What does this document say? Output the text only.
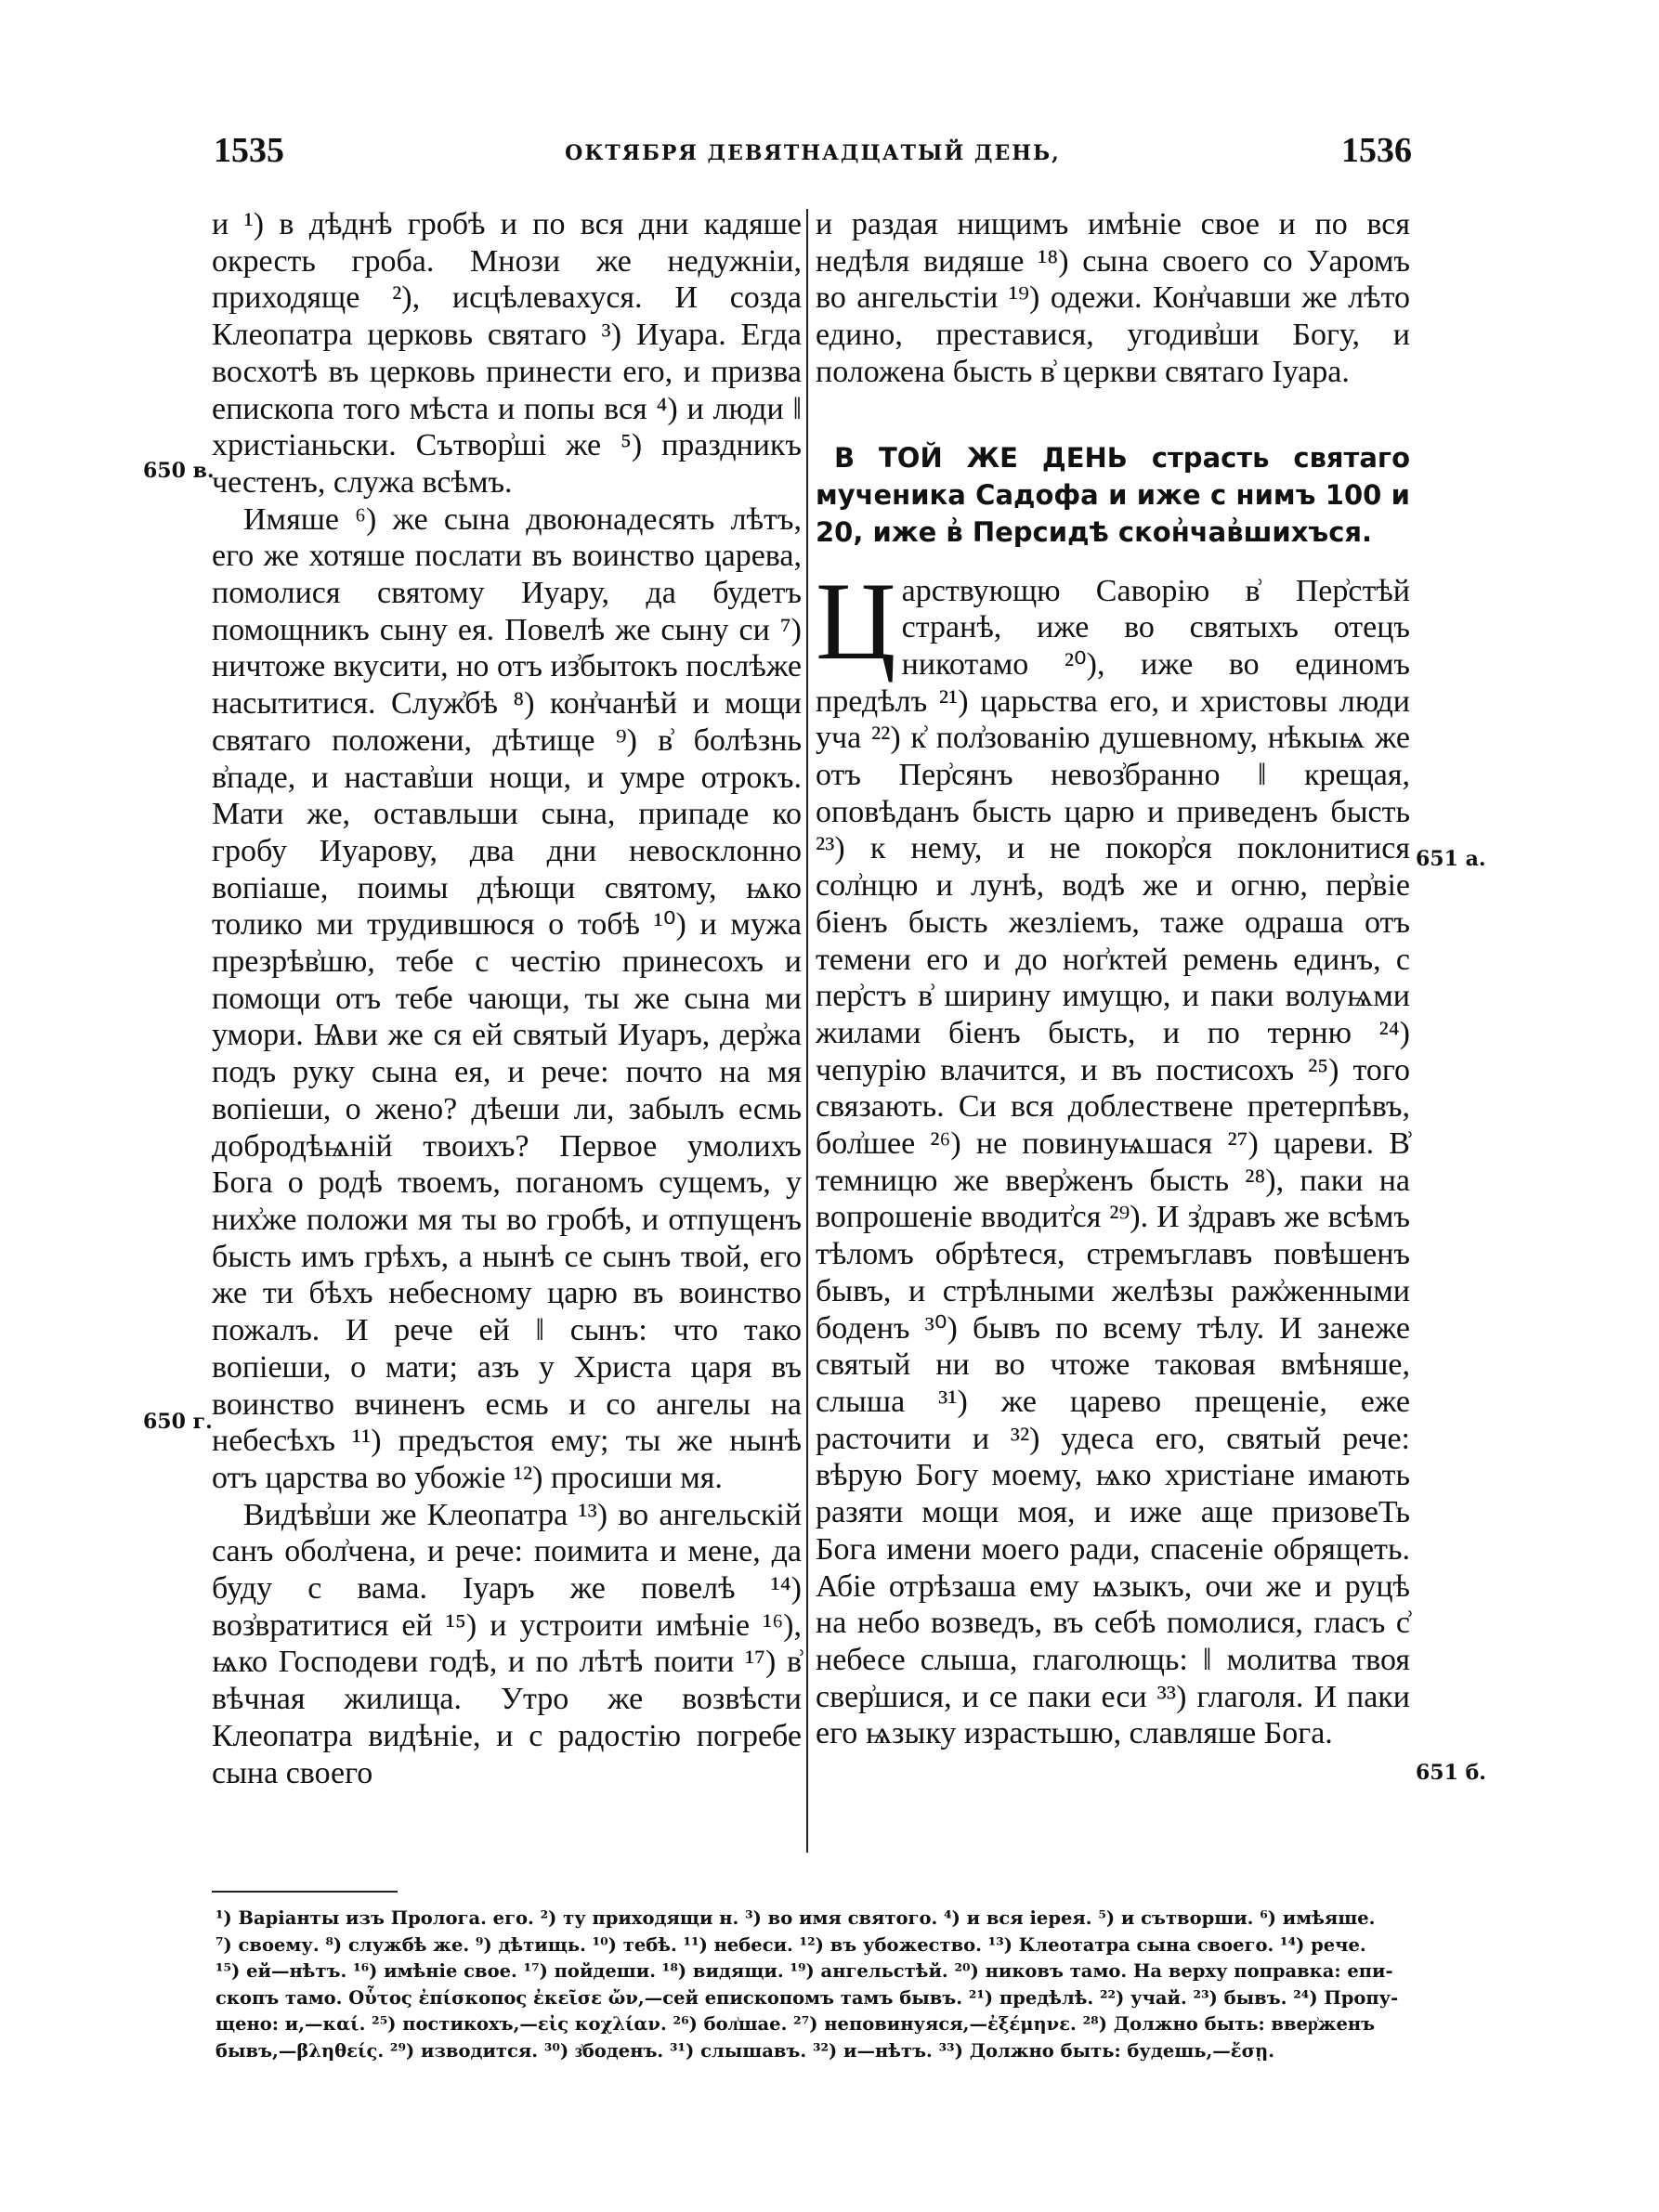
1535	ОКТЯБРЯ ДЕВЯТНАДЦАТЫЙ ДЕНЬ,	1536
650 в.
650 г.
651 а.
651 б.

и ¹) в дѣднѣ гробѣ и по вся дни кадяше окресть гроба. Мнози же недужніи, приходяще ²), исцѣлевахуся. И созда Клеопатра церковь святаго ³) Иуара. Егда восхотѣ въ церковь принести его, и призва епископа того мѣста и попы вся ⁴) и люди ‖ христіаньски. Сътвор͗ші же ⁵) праздникъ честенъ, служа всѣмъ.

Имяше ⁶) же сына двоюнадесять лѣтъ, его же хотяше послати въ воинство царева, помолися святому Иуару, да будетъ помощникъ сыну ея. Повелѣ же сыну си ⁷) ничтоже вкусити, но отъ из͗бытокъ послѣже насытитися. Служ͗бѣ ⁸) кон͗чанѣй и мощи святаго положени, дѣтище ⁹) в͗ болѣзнь в͗паде, и настав͗ши нощи, и умре отрокъ. Мати же, оставльши сына, припаде ко гробу Иуарову, два дни невосклонно вопіаше, поимы дѣющи святому, ѩко толико ми трудившюся о тобѣ ¹⁰) и мужа презрѣв͗шю, тебе с честію принесохъ и помощи отъ тебе чающи, ты же сына ми умори. Ѩви же ся ей святый Иуаръ, дер͗жа подъ руку сына ея, и рече: почто на мя вопіеши, о жено? дѣеши ли, забылъ есмь добродѣѩній твоихъ? Первое умолихъ Бога о родѣ твоемъ, поганомъ сущемъ, у них͗же положи мя ты во гробѣ, и отпущенъ бысть имъ грѣхъ, а нынѣ се сынъ твой, его же ти бѣхъ небесному царю въ воинство пожалъ. И рече ей ‖ сынъ: что тако вопіеши, о мати; азъ у Христа царя въ воинство вчиненъ есмь и со ангелы на небесѣхъ ¹¹) предъстоя ему; ты же нынѣ отъ царства во убожіе ¹²) просиши мя.

Видѣв͗ши же Клеопатра ¹³) во ангельскій санъ обол͗чена, и рече: поимита и мене, да буду с вама. Іуаръ же повелѣ ¹⁴) воз͗вратитися ей ¹⁵) и устроити имѣніе ¹⁶), ѩко Господеви годѣ, и по лѣтѣ поити ¹⁷) в͗ вѣчная жилища. Утро же возвѣсти Клеопатра видѣніе, и с радостію погребе сына своего

и раздая нищимъ имѣніе свое и по вся недѣля видяше ¹⁸) сына своего со Уаромъ во ангельстіи ¹⁹) одежи. Кон͗чавши же лѣто едино, преставися, угодив͗ши Богу, и положена бысть в͗ церкви святаго Іуара.

В ТОЙ ЖЕ ДЕНЬ страсть святаго мученика Садофа и иже с нимъ 100 и 20, иже в͗ Персидѣ скон͗чав͗шихъся.

Царствующю Саворію в͗ Пер͗стѣй странѣ, иже во святыхъ отецъ никотамо ²⁰), иже во единомъ предѣлъ ²¹) царьства его, и христовы люди уча ²²) к͗ пол͗зованію душевному, нѣкыѩ же отъ Пер͗сянъ невоз͗бранно ‖ крещая, оповѣданъ бысть царю и приведенъ бысть ²³) к нему, и не покор͗ся поклонитися сол͗нцю и лунѣ, водѣ же и огню, пер͗віе біенъ бысть жезліемъ, таже одраша отъ темени его и до ног͗ктей ремень единъ, с пер͗стъ в͗ ширину имущю, и паки волуѩми жилами біенъ бысть, и по терню ²⁴) чепурію влачится, и въ постисохъ ²⁵) того связають. Си вся доблествене претерпѣвъ, бол͗шее ²⁶) не повинуѩшася ²⁷) цареви. В͗ темницю же ввер͗женъ бысть ²⁸), паки на вопрошеніе вводит͗ся ²⁹). И з͗дравъ же всѣмъ тѣломъ обрѣтеся, стремъглавъ повѣшенъ бывъ, и стрѣлными желѣзы раж͗женными боденъ ³⁰) бывъ по всему тѣлу. И занеже святый ни во чтоже таковая вмѣняше, слыша ³¹) же царево прещеніе, еже расточити и ³²) удеса его, святый рече: вѣрую Богу моему, ѩко христіане имають разяти мощи моя, и иже аще призовеТь Бога имени моего ради, спасеніе обрящеть. Абіе отрѣзаша ему ѩзыкъ, очи же и руцѣ на небо возведъ, въ себѣ помолися, гласъ с͗ небесе слыша, глаголющь: ‖ молитва твоя свер͗шися, и се паки еси ³³) глаголя. И паки его ѩзыку израстьшю, славляше Бога.

¹) Варіанты изъ Пролога. его. ²) ту приходящи н. ³) во имя святого. ⁴) и вся іерея. ⁵) и сътворши. ⁶) имѣяше.

⁷) своему. ⁸) службѣ же. ⁹) дѣтищь. ¹⁰) тебѣ. ¹¹) небеси. ¹²) въ убожество. ¹³) Клеотатра сына своего. ¹⁴) рече.

¹⁵) ей—нѣтъ. ¹⁶) имѣніе свое. ¹⁷) пойдеши. ¹⁸) видящи. ¹⁹) ангельстѣй. ²⁰) никовъ тамо. На верху поправка: епи-

скопъ тамо. Οὗτος ἐπίσκοπος ἐκεῖσε ὤν,—сей епископомъ тамъ бывъ. ²¹) предѣлѣ. ²²) учай. ²³) бывъ. ²⁴) Пропу-

щено: и,—καί. ²⁵) постикохъ,—εἰς κοχλίαν. ²⁶) бол͗шае. ²⁷) неповинуяся,—ἐξέμηνε. ²⁸) Должно быть: ввер͗женъ

бывъ,—βληθείς. ²⁹) изводится. ³⁰) з͗боденъ. ³¹) слышавъ. ³²) и—нѣтъ. ³³) Должно быть: будешь,—ἔσῃ.
